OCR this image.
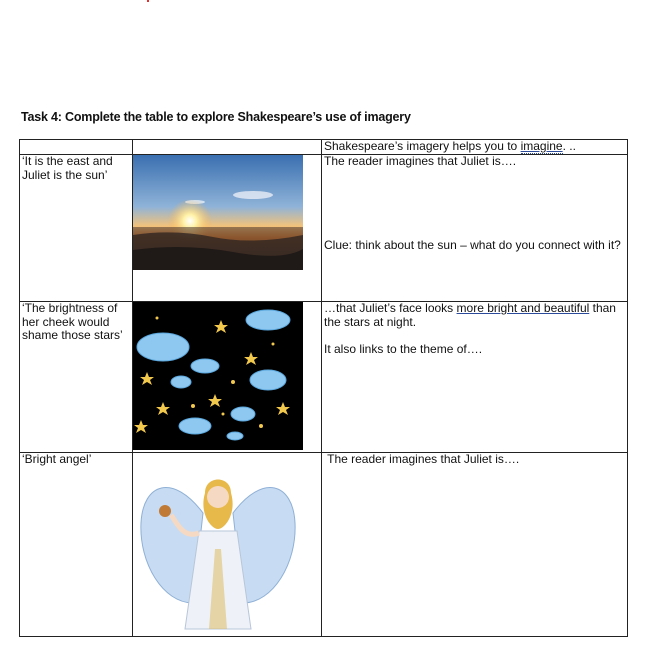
Task 4: Complete the table to explore Shakespeare’s use of imagery
		Shakespeare’s imagery helps you to imagine. ..
‘It is the east and Juliet is the sun’		The reader imagines that Juliet is….
Clue: think about the sun – what do you connect with it?

‘The brightness of her cheek would shame those stars’		…that Juliet’s face looks more bright and beautiful than the stars at night.
It also links to the theme of….

‘Bright angel’		The reader imagines that Juliet is….
